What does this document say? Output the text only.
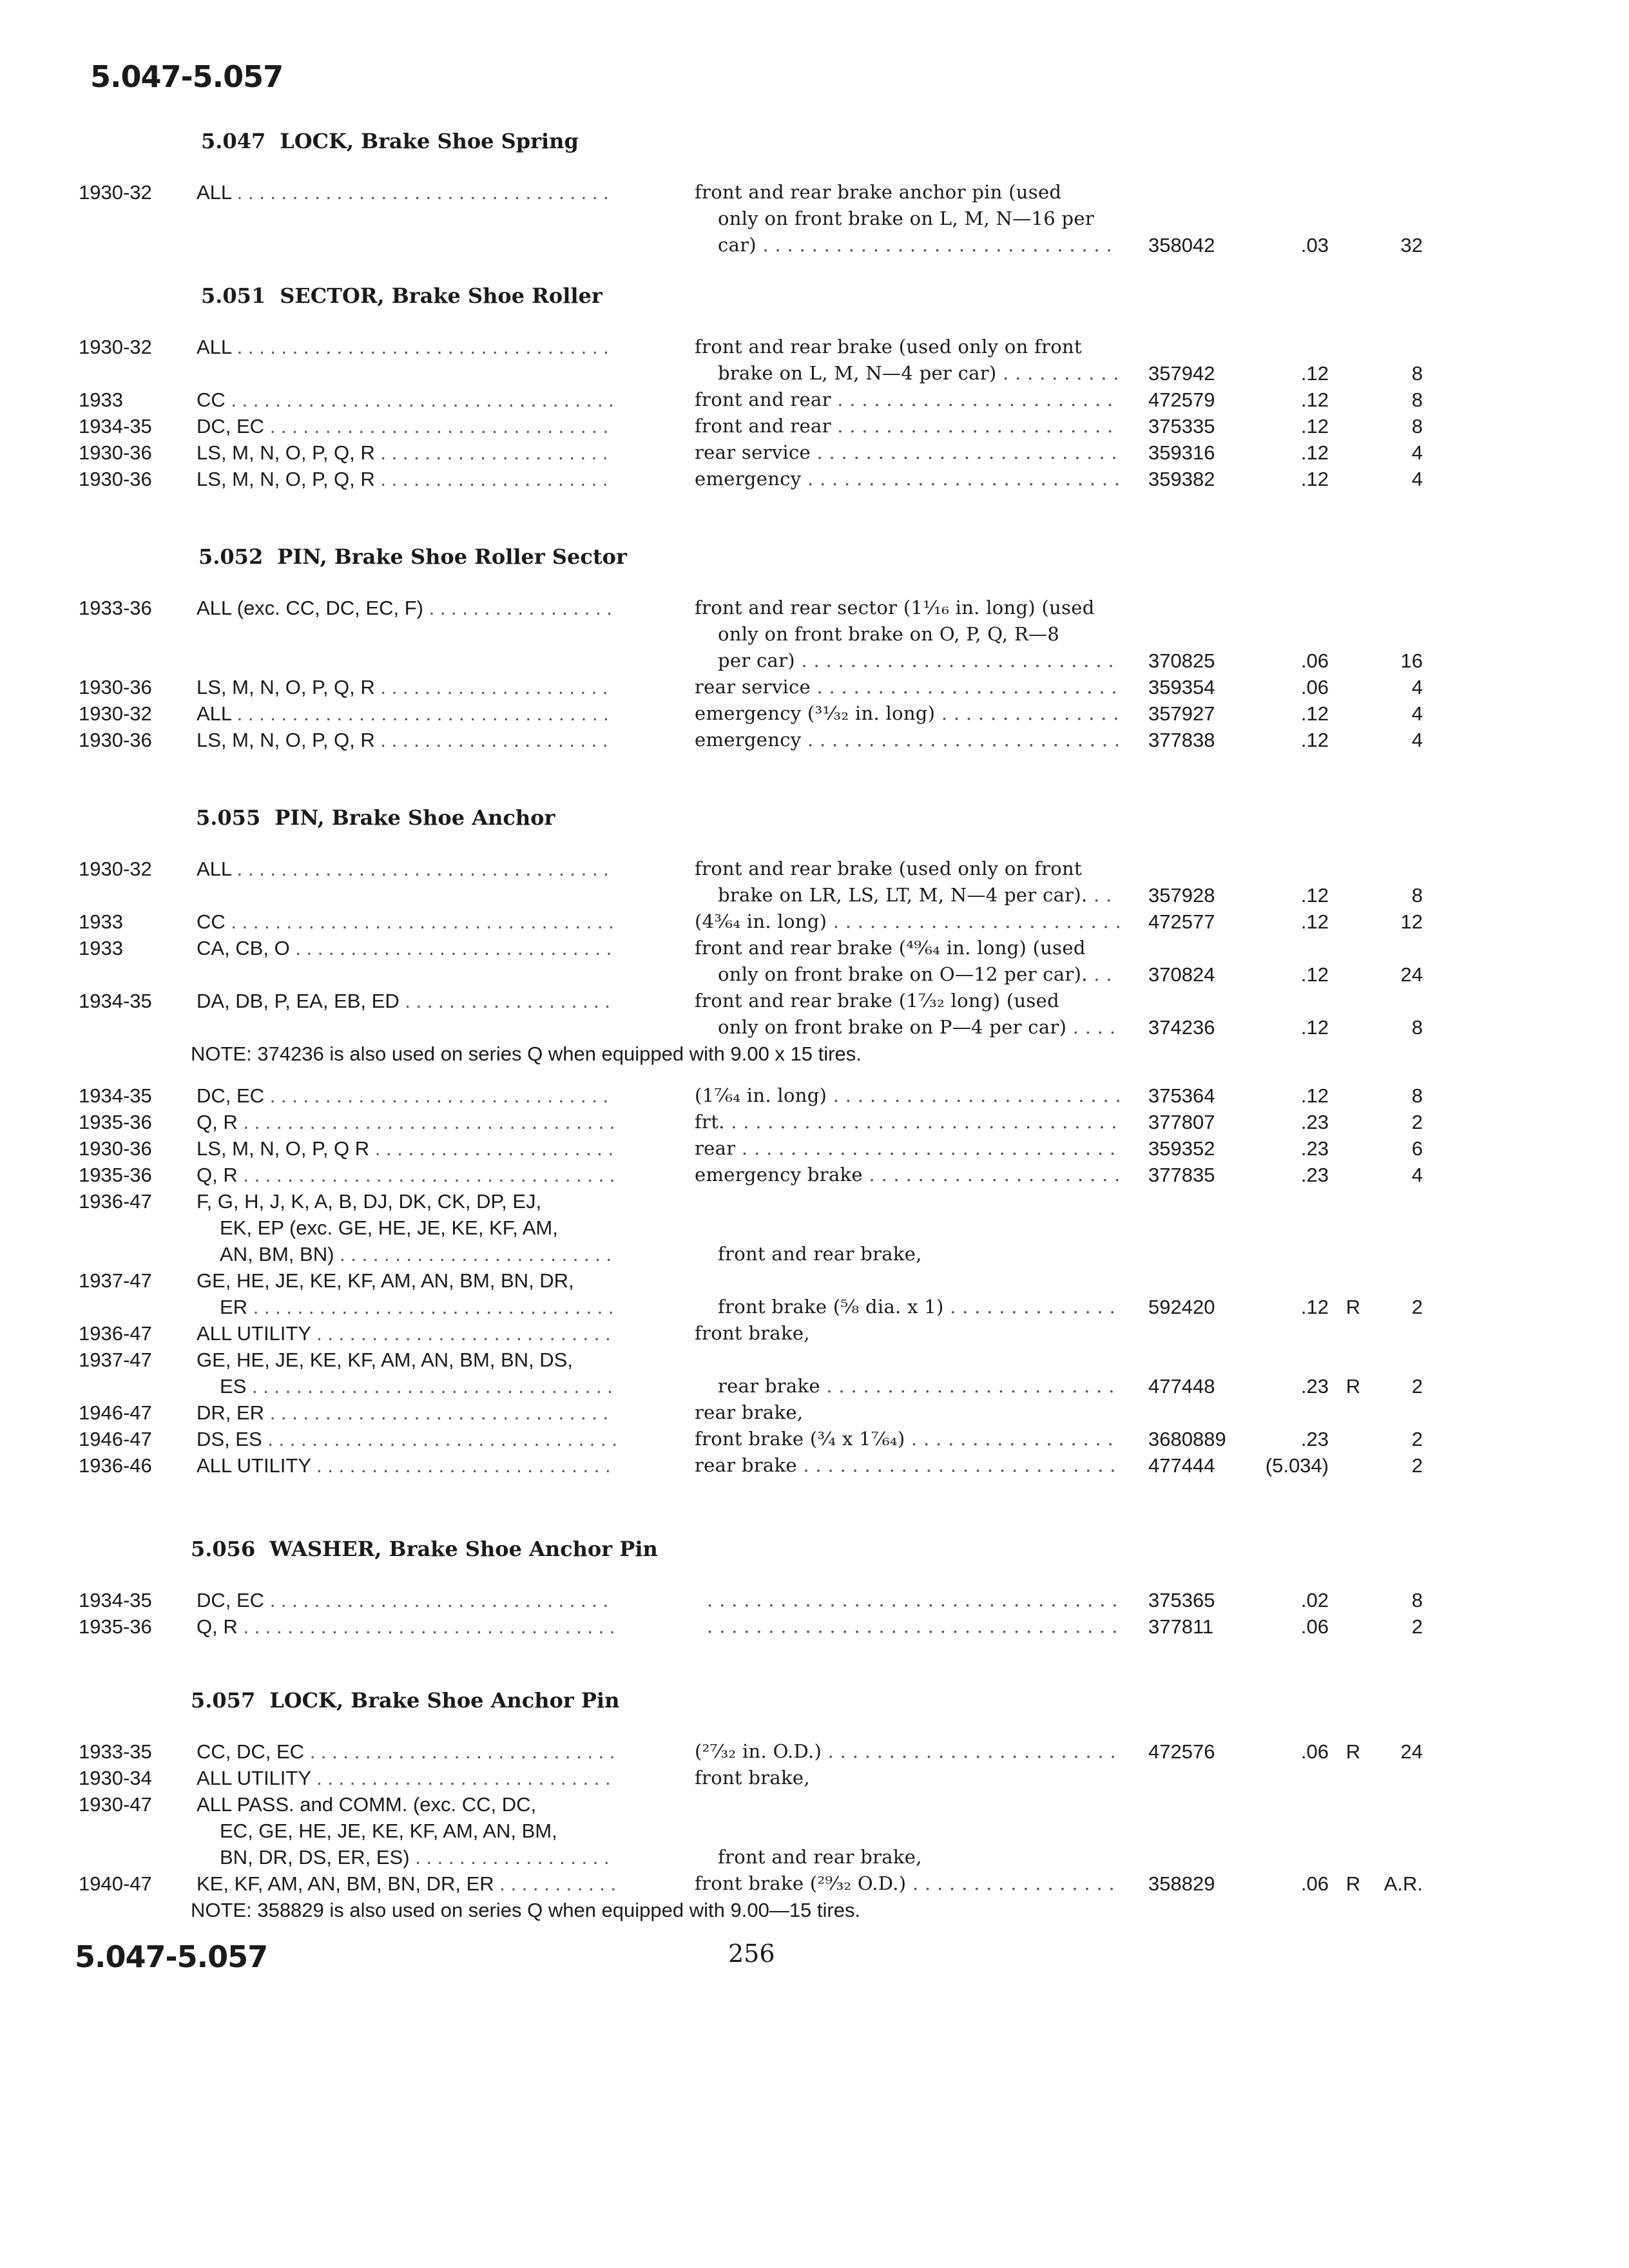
5.047-5.057
5.047 LOCK, Brake Shoe Spring
1930-32 ALL . . .	front and rear brake anchor pin (used
only on front brake on L, M, N—16 per
car) . . .	358042	.03	32
5.051 SECTOR, Brake Shoe Roller
1930-32 ALL . . .	front and rear brake (used only on front
brake on L, M, N—4 per car) . . .	357942	.12	8
1933	CC . . .	front and rear . . .	472579	.12	8
1934-35 DC, EC . . .	front and rear . . .	375335	.12	8
1930-36 LS, M, N, O, P, Q, R . . .	rear service . . .	359316	.12	4
1930-36 LS, M, N, O, P, Q, R . . .	emergency . . .	359382	.12	4
5.052 PIN, Brake Shoe Roller Sector
1933-36 ALL (exc. CC, DC, EC, F) . . .	front and rear sector (1¹⁄₁₆ in. long) (used
only on front brake on O, P, Q, R—8
per car) . . .	370825	.06	16
1930-36 LS, M, N, O, P, Q, R . . .	rear service . . .	359354	.06	4
1930-32 ALL . . .	emergency (³¹⁄₃₂ in. long) . . .	357927	.12	4
1930-36 LS, M, N, O, P, Q, R . . .	emergency . . .	377838	.12	4
5.055 PIN, Brake Shoe Anchor
1930-32 ALL . . .	front and rear brake (used only on front
brake on LR, LS, LT, M, N—4 per car). . . .	357928	.12	8
1933	CC . . .	(4³⁄₆₄ in. long) . . .	472577	.12	12
1933	CA, CB, O . . .	front and rear brake (⁴⁹⁄₆₄ in. long) (used
only on front brake on O—12 per car). . . .	370824	.12	24
1934-35 DA, DB, P, EA, EB, ED . . .	front and rear brake (1⁷⁄₃₂ long) (used
only on front brake on P—4 per car) . . .	374236	.12	8
NOTE: 374236 is also used on series Q when equipped with 9.00 x 15 tires.
1934-35 DC, EC . . .	(1⁷⁄₆₄ in. long) . . .	375364	.12	8
1935-36 Q, R . . .	frt. . . .	377807	.23	2
1930-36 LS, M, N, O, P, Q R . . .	rear . . .	359352	.23	6
1935-36 Q, R . . .	emergency brake . . .	377835	.23	4
1936-47 F, G, H, J, K, A, B, DJ, DK, CK, DP, EJ,
EK, EP (exc. GE, HE, JE, KE, KF, AM,
AN, BM, BN) . . .

	front and rear brake,
1937-47 GE, HE, JE, KE, KF, AM, AN, BM, BN, DR,
ER . . .
	front brake (⁵⁄₈ dia. x 1) . . .	592420	.12 R	2
1936-47 ALL UTILITY . . .	front brake,
1937-47 GE, HE, JE, KE, KF, AM, AN, BM, BN, DS,
ES . . .
	rear brake . . .	477448	.23 R	2
1946-47 DR, ER . . .	rear brake,
1946-47 DS, ES . . .	front brake (³⁄₄ x 1⁷⁄₆₄) . . .	3680889	.23	2
1936-46 ALL UTILITY . . .	rear brake . . .	477444	(5.034)	2
5.056 WASHER, Brake Shoe Anchor Pin
1934-35 DC, EC . . . . . .	375365	.02	8
1935-36 Q, R . . . . . .	377811	.06	2
5.057 LOCK, Brake Shoe Anchor Pin
1933-35 CC, DC, EC . . .	(²⁷⁄₃₂ in. O.D.) . . .	472576	.06 R	24
1930-34 ALL UTILITY . . .	front brake,
1930-47 ALL PASS. and COMM. (exc. CC, DC,
EC, GE, HE, JE, KE, KF, AM, AN, BM,
BN, DR, DS, ER, ES) . . .

	front and rear brake,
1940-47 KE, KF, AM, AN, BM, BN, DR, ER . . .	front brake (²⁹⁄₃₂ O.D.) . . .	358829	.06 R	A.R.
NOTE: 358829 is also used on series Q when equipped with 9.00—15 tires.
5.047-5.057	256
